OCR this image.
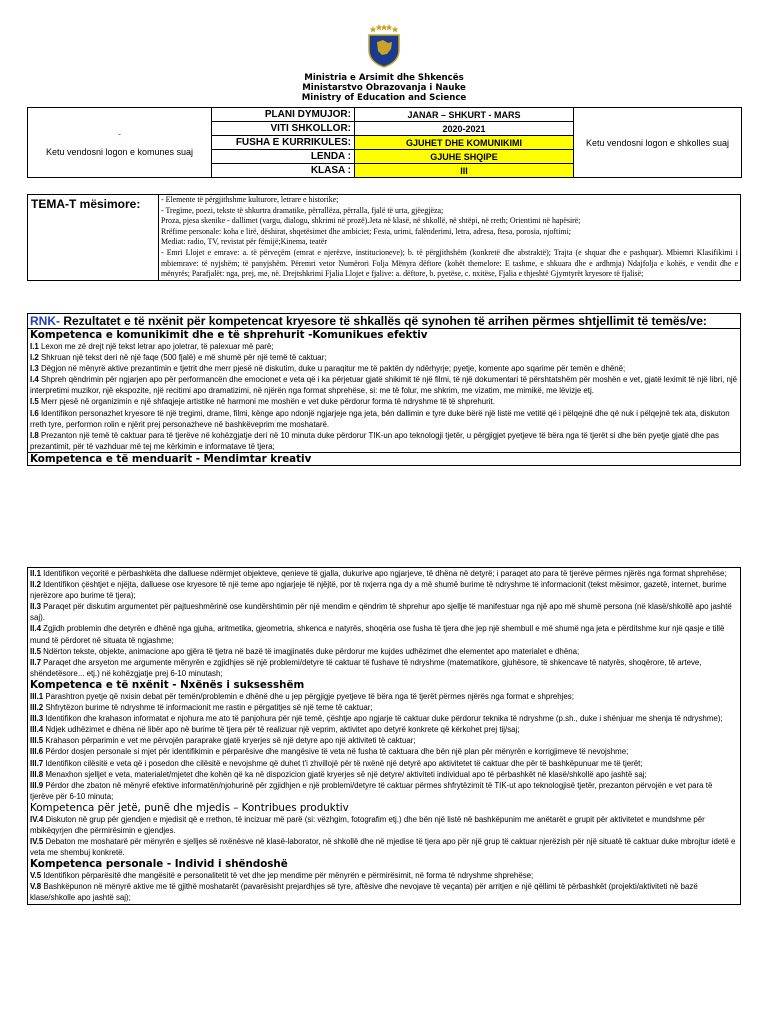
Ministria e Arsimit dhe Shkencës
Ministarstvo Obrazovanja i Nauke
Ministry of Education and Science
-
Ketu vendosni logon e komunes suaj	PLANI DYMUJOR:	JANAR – SHKURT - MARS	Ketu vendosni logon e shkolles suaj
	VITI SHKOLLOR:	2020-2021	
	FUSHA E KURRIKULES:	GJUHET DHE KOMUNIKIMI	
	LENDA :	GJUHE SHQIPE	
	KLASA :	III	
TEMA-T mësimore:	- Elemente të përgjithshme kulturore, letrare e historike;
- Tregime, poezi, tekste të shkurtra dramatike, përrallëza, përralla, fjalë të urta, gjëegjëza;
Proza, pjesa skenike - dallimet (vargu, dialogu, shkrimi në prozë).Jeta në klasë, në shkollë, në shtëpi, në rreth; Orientimi në hapësirë;
Rrëfime personale: koha e lirë, dëshirat, shqetësimet dhe ambiciet; Festa, urimi, falënderimi, letra, adresa, ftesa, porosia, njoftimi;
Mediat: radio, TV, revistat për fëmijë;Kinema, teatër
- Emri Llojet e emrave: a. të përveçëm (emrat e njerëzve, institucioneve); b. të përgjithshëm (konkretë dhe abstraktë); Trajta (e shquar dhe e pashquar). Mbiemri Klasifikimi i mbiemrave: të nyjshëm; të panyjshëm. Përemri vetor Numërori Folja Mënyra dëftore (kohët themelore: E tashme, e shkuara dhe e ardhmja) Ndajfolja e kohës, e vendit dhe e mënyrës; Parafjalët: nga, prej, me, në. Drejtshkrimi Fjalia Llojet e fjalive: a. dëftore, b. pyetëse, c. nxitëse, Fjalia e thjeshtë Gjymtyrët kryesore të fjalisë;
RNK- Rezultatet e të nxënit për kompetencat kryesore të shkallës që synohen të arrihen përmes shtjellimit të temës/ve:
Kompetenca e komunikimit dhe e të shprehurit -Komunikues efektiv
I.1 Lexon me zë drejt një tekst letrar apo joletrar, të palexuar më parë;
I.2 Shkruan një tekst deri në një faqe (500 fjalë) e më shumë për një temë të caktuar;
I.3 Dëgjon në mënyrë aktive prezantimin e tjetrit dhe merr pjesë në diskutim, duke u paraqitur me të paktën dy ndërhyrje; pyetje, komente apo sqarime për temën e dhënë;
I.4 Shpreh qëndrimin për ngjarjen apo për performancën dhe emocionet e veta që i ka përjetuar gjatë shikimit të një filmi, të një dokumentari të përshtatshëm për moshën e vet, gjatë leximit të një libri, një interpretimi muzikor, një ekspozite, një recitimi apo dramatizimi, në njërën nga format shprehëse, si: me të folur, me shkrim, me vizatim, me mimikë, me lëvizje etj.
I.5 Merr pjesë në organizimin e një shfaqjeje artistike në harmoni me moshën e vet duke përdorur forma të ndryshme të të shprehurit.
I.6 Identifikon personazhet kryesore të një tregimi, drame, filmi, kënge apo ndonjë ngjarjeje nga jeta, bën dallimin e tyre duke bërë një listë me vetitë që i pëlqejnë dhe që nuk i pëlqejnë tek ata, diskuton rreth tyre, performon rolin e njërit prej personazheve në bashkëveprim me moshatarë.
I.8 Prezanton një temë të caktuar para të tjerëve në kohëzgjatje deri në 10 minuta duke përdorur TIK-un apo teknologji tjetër, u përgjigjet pyetjeve të bëra nga të tjerët si dhe bën pyetje gjatë dhe pas prezantimit, për të vazhduar më tej me kërkimin e informatave të tjera;
Kompetenca e të menduarit - Mendimtar kreativ
II.1 Identifikon veçoritë e përbashkëta dhe dalluese ndërmjet objekteve, qenieve të gjalla, dukurive apo ngjarjeve, të dhëna në detyrë; i paraqet ato para të tjerëve përmes njërës nga format shprehëse;
II.2 Identifikon çështjet e njëjta, dalluese ose kryesore të një teme apo ngjarjeje të njëjtë, por të nxjerra nga dy a më shumë burime të ndryshme të informacionit (tekst mësimor, gazetë, internet, burime njerëzore apo burime të tjera);
II.3 Paraqet për diskutim argumentet për pajtueshmërinë ose kundërshtimin për një mendim e qëndrim të shprehur apo sjellje të manifestuar nga një apo më shumë persona (në klasë/shkollë apo jashtë saj).
II.4 Zgjidh problemin dhe detyrën e dhënë nga gjuha, aritmetika, gjeometria, shkenca e natyrës, shoqëria ose fusha të tjera dhe jep një shembull e më shumë nga jeta e përditshme kur një qasje e tillë mund të përdoret në situata të ngjashme;
II.5 Ndërton tekste, objekte, animacione apo gjëra të tjetra në bazë të imagjinatës duke përdorur me kujdes udhëzimet dhe elementet apo materialet e dhëna;
II.7 Paraqet dhe arsyeton me argumente mënyrën e zgjidhjes së një problemi/detyre të caktuar të fushave të ndryshme (matematikore, gjuhësore, të shkencave të natyrës, shoqërore, të arteve, shëndetësore... etj.) në kohëzgjatje prej 6-10 minutash;
Kompetenca e të nxënit - Nxënës i suksesshëm
III.1 Parashtron pyetje që nxisin debat për temën/problemin e dhënë dhe u jep përgjigje pyetjeve të bëra nga të tjerët përmes njërës nga format e shprehjes;
III.2 Shfrytëzon burime të ndryshme të informacionit me rastin e përgatitjes së një teme të caktuar;
III.3 Identifikon dhe krahason informatat e njohura me ato të panjohura për një temë, çështje apo ngjarje të caktuar duke përdorur teknika të ndryshme (p.sh., duke i shënjuar me shenja të ndryshme);
III.4 Ndjek udhëzimet e dhëna në libër apo në burime të tjera për të realizuar një veprim, aktivitet apo detyrë konkrete që kërkohet prej tij/saj;
III.5 Krahason përparimin e vet me përvojën paraprake gjatë kryerjes së një detyre apo një aktiviteti të caktuar;
III.6 Përdor dosjen personale si mjet për identifikimin e përparësive dhe mangësive të veta në fusha të caktuara dhe bën një plan për mënyrën e korrigjimeve të nevojshme;
III.7 Identifikon cilësitë e veta që i posedon dhe cilësitë e nevojshme që duhet t'i zhvillojë për të nxënë një detyrë apo aktivitetet të caktuar dhe për të bashkëpunuar me të tjerët;
III.8 Menaxhon sjelljet e veta, materialet/mjetet dhe kohën që ka në dispozicion gjatë kryerjes së një detyre/ aktiviteti individual apo të përbashkët në klasë/shkollë apo jashtë saj;
III.9 Përdor dhe zbaton në mënyrë efektive informatën/njohurinë për zgjidhjen e një problemi/detyre të caktuar përmes shfrytëzimit të TIK-ut apo teknologjisë tjetër, prezanton përvojën e vet para të tjerëve për 6-10 minuta;
Kompetenca për jetë, punë dhe mjedis – Kontribues produktiv
IV.4 Diskuton në grup për gjendjen e mjedisit që e rrethon, të incizuar më parë (si: vëzhgim, fotografim etj.) dhe bën një listë në bashkëpunim me anëtarët e grupit për aktivitetet e mundshme për mbikëqyrjen dhe përmirësimin e gjendjes.
IV.5 Debaton me moshatarë për mënyrën e sjelljes së nxënësve në klasë-laborator, në shkollë dhe në mjedise të tjera apo për një grup të caktuar njerëzish për një situatë të caktuar duke mbrojtur idetë e veta me shembuj konkretë.
Kompetenca personale - Individ i shëndoshë
V.5 Identifikon përparësitë dhe mangësitë e personalitetit të vet dhe jep mendime për mënyrën e përmirësimit, në forma të ndryshme shprehëse;
V.8 Bashkëpunon në mënyrë aktive me të gjithë moshatarët (pavarësisht prejardhjes së tyre, aftësive dhe nevojave të veçanta) për arritjen e një qëllimi të përbashkët (projekti/aktiviteti në bazë klase/shkolle apo jashtë saj);
